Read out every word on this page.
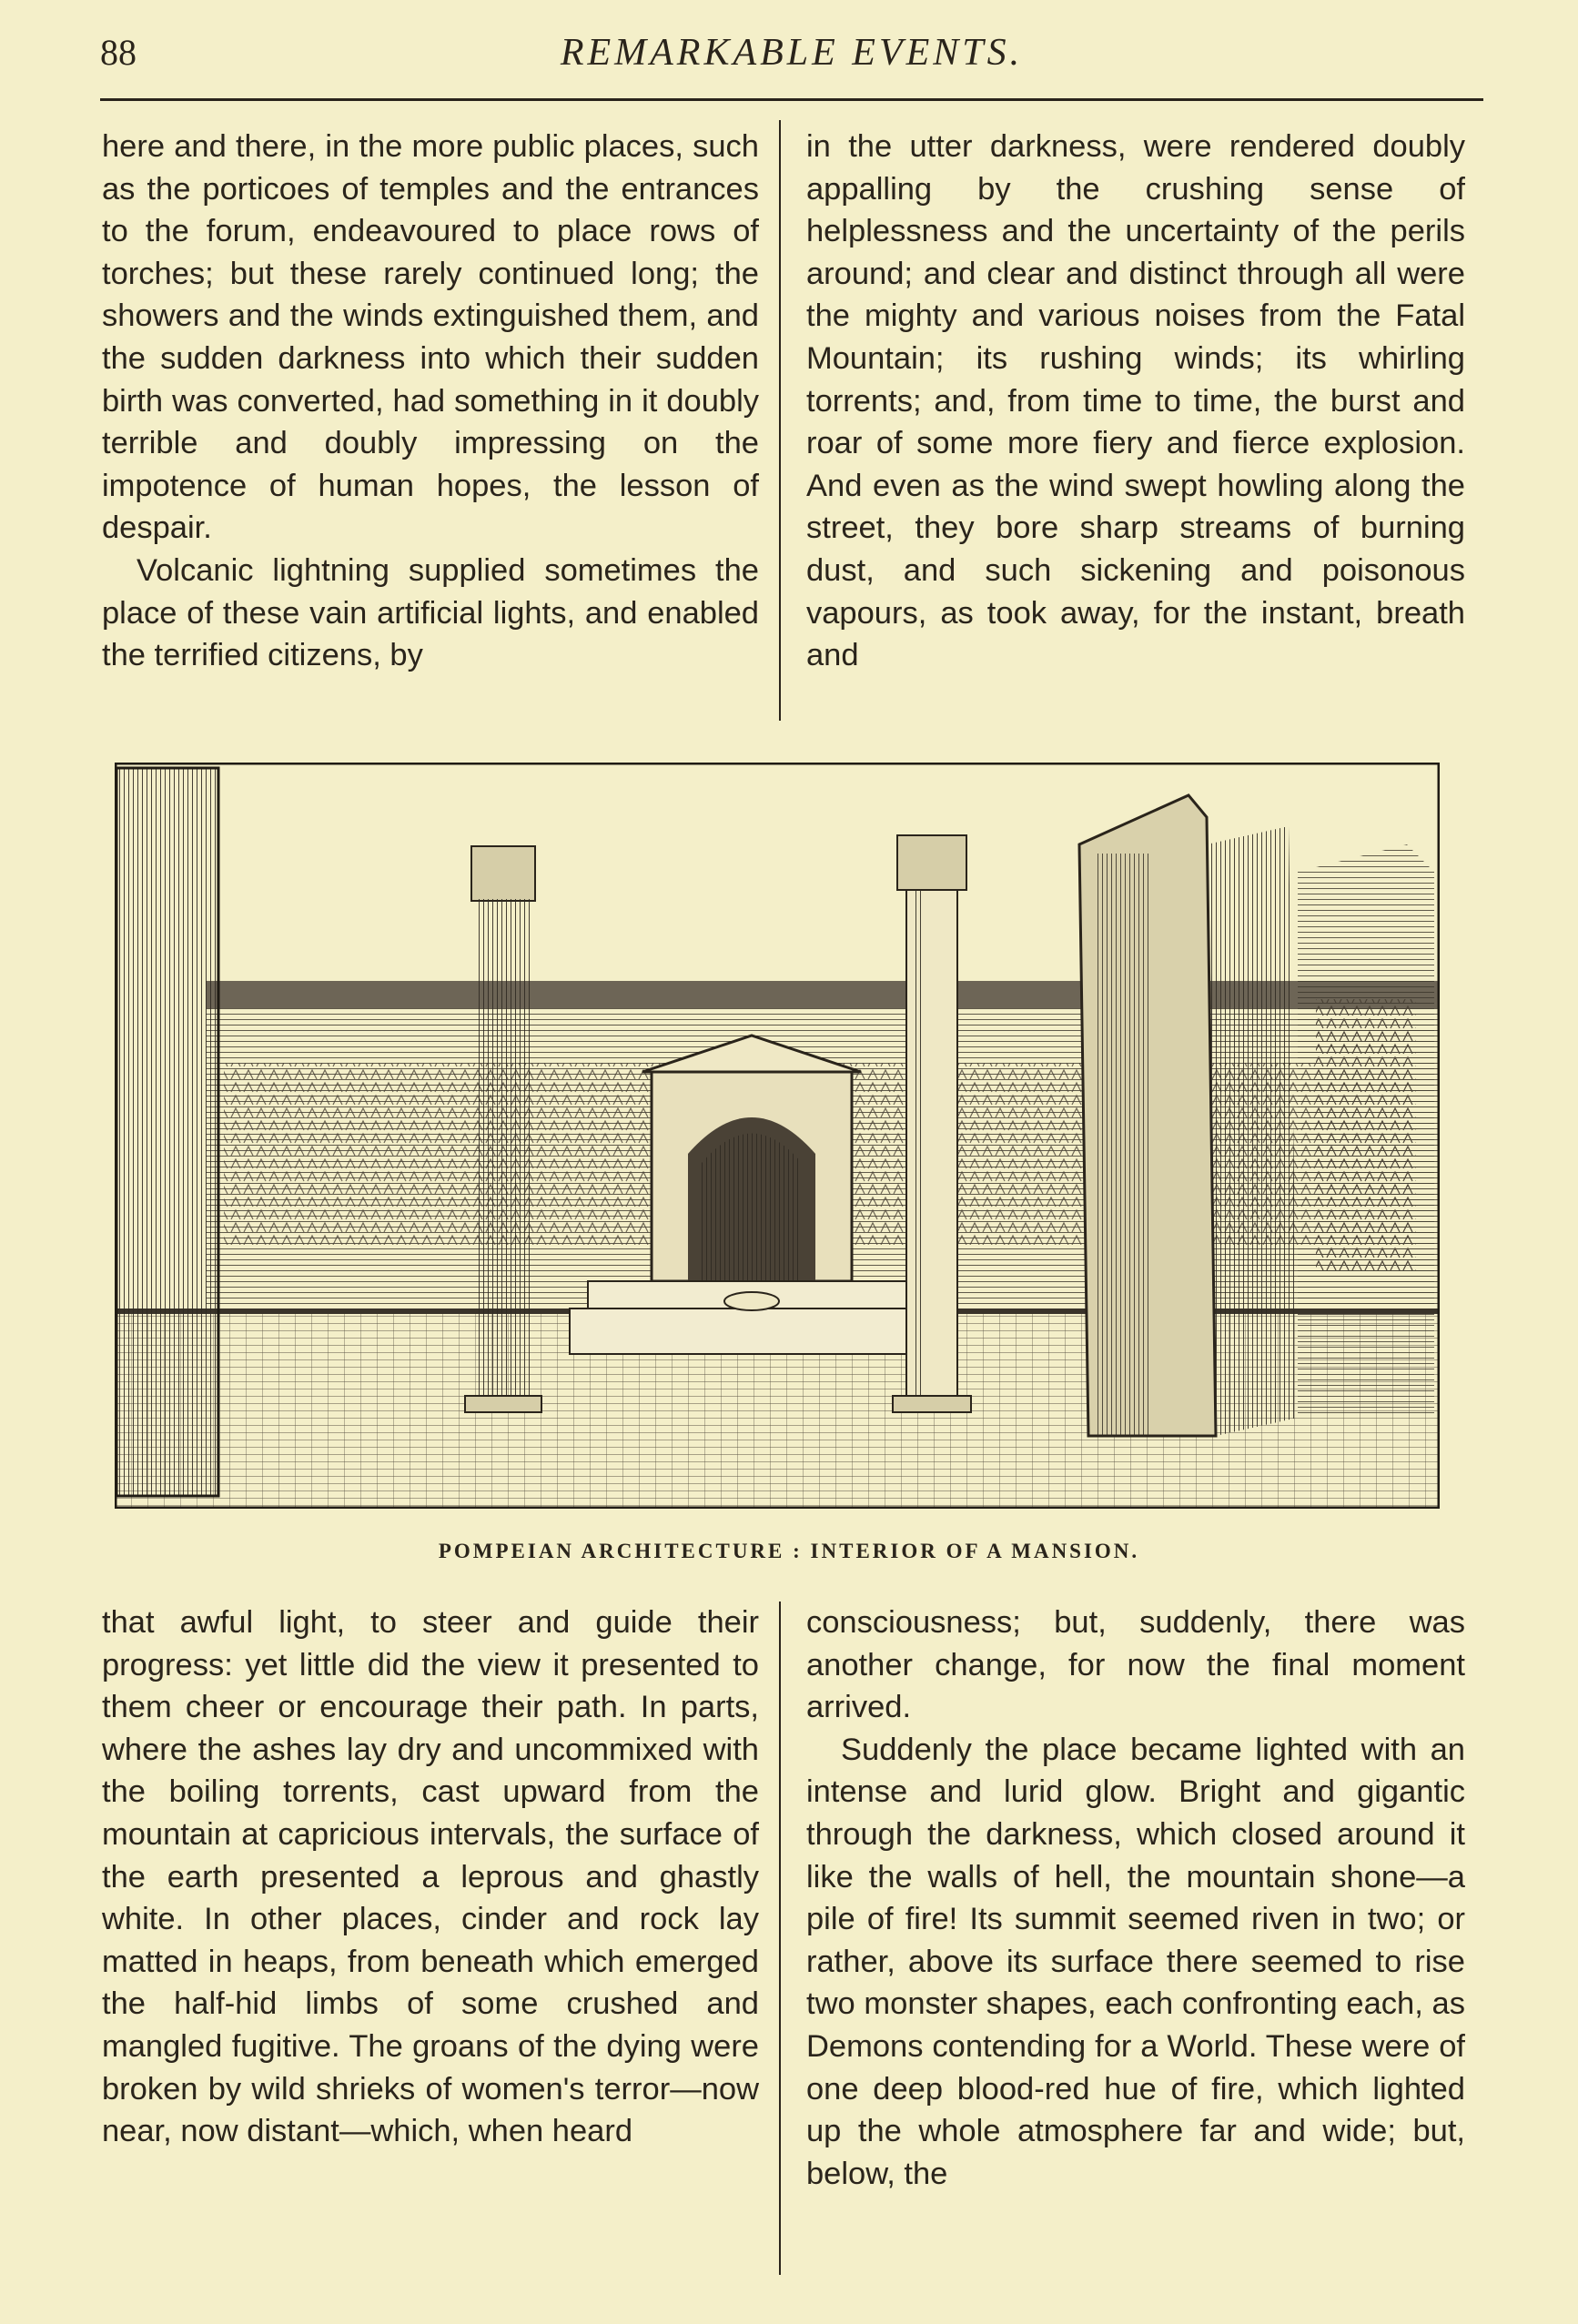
88	REMARKABLE EVENTS.

here and there, in the more public places, such as the porticoes of temples and the entrances to the forum, endeavoured to place rows of torches; but these rarely continued long; the showers and the winds extinguished them, and the sudden darkness into which their sudden birth was converted, had something in it doubly terrible and doubly impressing on the impotence of human hopes, the lesson of despair.

Volcanic lightning supplied sometimes the place of these vain artificial lights, and enabled the terrified citizens, by

in the utter darkness, were rendered doubly appalling by the crushing sense of helplessness and the uncertainty of the perils around; and clear and distinct through all were the mighty and various noises from the Fatal Mountain; its rushing winds; its whirling torrents; and, from time to time, the burst and roar of some more fiery and fierce explosion. And even as the wind swept howling along the street, they bore sharp streams of burning dust, and such sickening and poisonous vapours, as took away, for the instant, breath and

POMPEIAN ARCHITECTURE : INTERIOR OF A MANSION.

that awful light, to steer and guide their progress: yet little did the view it presented to them cheer or encourage their path. In parts, where the ashes lay dry and uncommixed with the boiling torrents, cast upward from the mountain at capricious intervals, the surface of the earth presented a leprous and ghastly white. In other places, cinder and rock lay matted in heaps, from beneath which emerged the half-hid limbs of some crushed and mangled fugitive. The groans of the dying were broken by wild shrieks of women's terror—now near, now distant—which, when heard

consciousness; but, suddenly, there was another change, for now the final moment arrived.

Suddenly the place became lighted with an intense and lurid glow. Bright and gigantic through the darkness, which closed around it like the walls of hell, the mountain shone—a pile of fire! Its summit seemed riven in two; or rather, above its surface there seemed to rise two monster shapes, each confronting each, as Demons contending for a World. These were of one deep blood-red hue of fire, which lighted up the whole atmosphere far and wide; but, below, the
